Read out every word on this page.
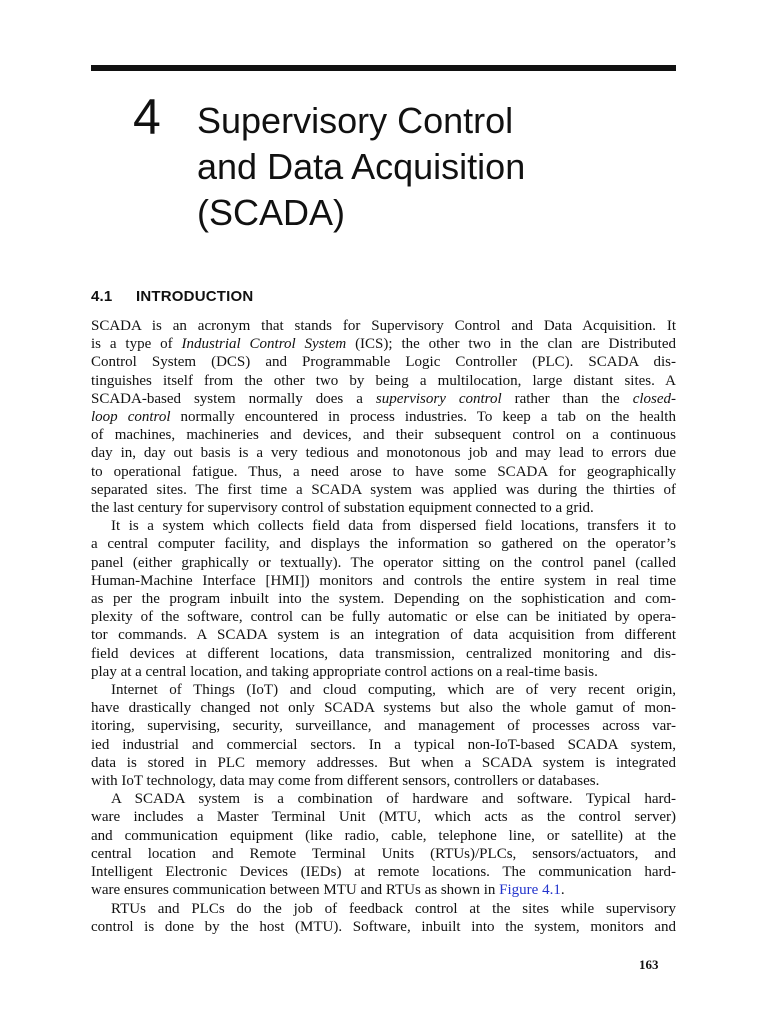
4 Supervisory Control
and Data Acquisition
(SCADA)
4.1 INTRODUCTION
SCADA is an acronym that stands for Supervisory Control and Data Acquisition. It
is a type of Industrial Control System (ICS); the other two in the clan are Distributed
Control System (DCS) and Programmable Logic Controller (PLC). SCADA dis-
tinguishes itself from the other two by being a multilocation, large distant sites. A
SCADA-based system normally does a supervisory control rather than the closed-
loop control normally encountered in process industries. To keep a tab on the health
of machines, machineries and devices, and their subsequent control on a continuous
day in, day out basis is a very tedious and monotonous job and may lead to errors due
to operational fatigue. Thus, a need arose to have some SCADA for geographically
separated sites. The first time a SCADA system was applied was during the thirties of
the last century for supervisory control of substation equipment connected to a grid.
It is a system which collects field data from dispersed field locations, transfers it to
a central computer facility, and displays the information so gathered on the operator’s
panel (either graphically or textually). The operator sitting on the control panel (called
Human-Machine Interface [HMI]) monitors and controls the entire system in real time
as per the program inbuilt into the system. Depending on the sophistication and com-
plexity of the software, control can be fully automatic or else can be initiated by opera-
tor commands. A SCADA system is an integration of data acquisition from different
field devices at different locations, data transmission, centralized monitoring and dis-
play at a central location, and taking appropriate control actions on a real-time basis.
Internet of Things (IoT) and cloud computing, which are of very recent origin,
have drastically changed not only SCADA systems but also the whole gamut of mon-
itoring, supervising, security, surveillance, and management of processes across var-
ied industrial and commercial sectors. In a typical non-IoT-based SCADA system,
data is stored in PLC memory addresses. But when a SCADA system is integrated
with IoT technology, data may come from different sensors, controllers or databases.
A SCADA system is a combination of hardware and software. Typical hard-
ware includes a Master Terminal Unit (MTU, which acts as the control server)
and communication equipment (like radio, cable, telephone line, or satellite) at the
central location and Remote Terminal Units (RTUs)/PLCs, sensors/actuators, and
Intelligent Electronic Devices (IEDs) at remote locations. The communication hard-
ware ensures communication between MTU and RTUs as shown in Figure 4.1.
RTUs and PLCs do the job of feedback control at the sites while supervisory
control is done by the host (MTU). Software, inbuilt into the system, monitors and
163
